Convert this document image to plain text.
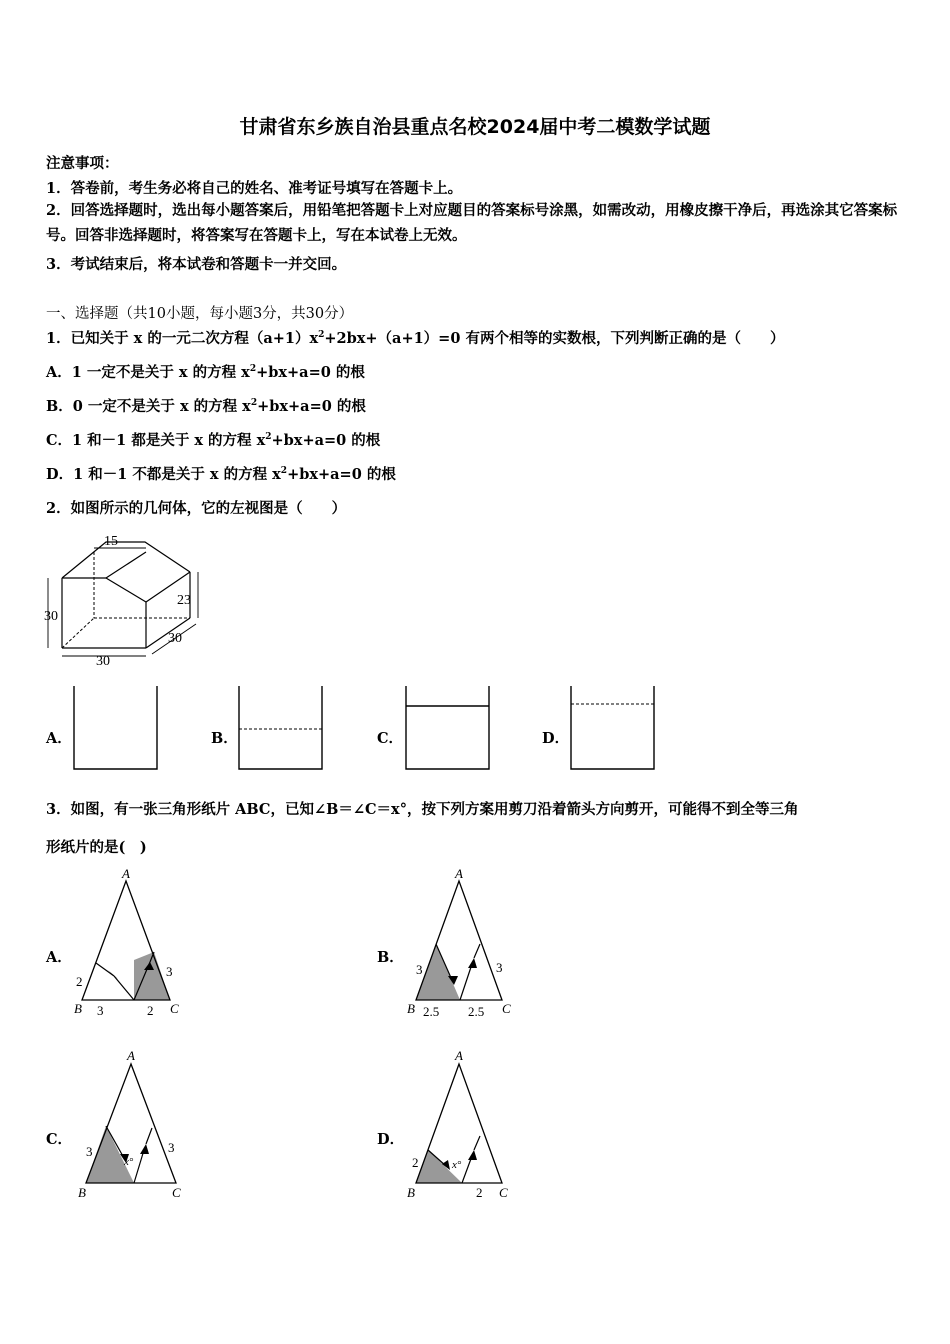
甘肃省东乡族自治县重点名校2024届中考二模数学试题
注意事项：
1．答卷前，考生务必将自己的姓名、准考证号填写在答题卡上。
2．回答选择题时，选出每小题答案后，用铅笔把答题卡上对应题目的答案标号涂黑，如需改动，用橡皮擦干净后，再选涂其它答案标号。回答非选择题时，将答案写在答题卡上，写在本试卷上无效。
3．考试结束后，将本试卷和答题卡一并交回。
一、选择题（共10小题，每小题3分，共30分）
1．已知关于 x 的一元二次方程$(a+1)x^2+2bx+(a+1)=0$ 有两个相等的实数根，下列判断正确的是（　　）
A．1 一定不是关于 x 的方程 $x^2+bx+a=0$ 的根
B．0 一定不是关于 x 的方程 $x^2+bx+a=0$ 的根
C．1 和－1 都是关于 x 的方程 $x^2+bx+a=0$ 的根
D．1 和－1 不都是关于 x 的方程 $x^2+bx+a=0$ 的根
2．如图所示的几何体，它的左视图是（　　）
15
30
23
30
30
A．	B．	C．	D．
3．如图，有一张三角形纸片 ABC，已知∠B＝∠C＝x°，按下列方案用剪刀沿着箭头方向剪开，可能得不到全等三角
形纸片的是(　)
A．
A
B	C
2
3	2
3
B．
A
B	C
3
2.5 2.5
3
C．
A
B	C
x°
3	3	D．
A
B	C
x°
2
2
